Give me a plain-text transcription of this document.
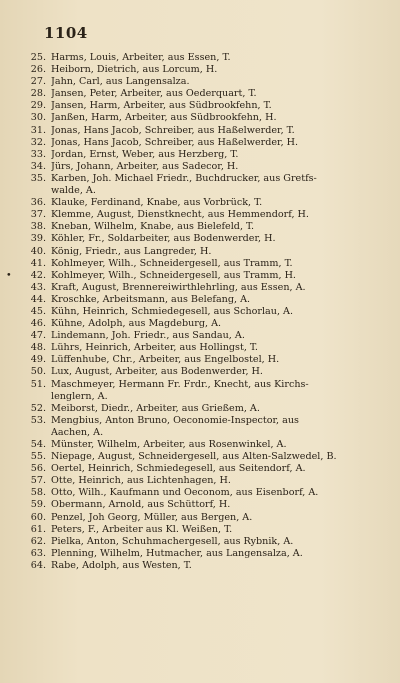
1104
25. Harms, Louis, Arbeiter, aus Essen, T.
26. Heiborn, Dietrich, aus Lorcum, H.
27. Jahn, Carl, aus Langensalza.
28. Jansen, Peter, Arbeiter, aus Oederquart, T.
29. Jansen, Harm, Arbeiter, aus Südbrookfehn, T.
30. Janßen, Harm, Arbeiter, aus Südbrookfehn, H.
31. Jonas, Hans Jacob, Schreiber, aus Haßelwerder, T.
32. Jonas, Hans Jacob, Schreiber, aus Haßelwerder, H.
33. Jordan, Ernst, Weber, aus Herzberg, T.
34. Jürs, Johann, Arbeiter, aus Sadecor, H.
35. Karben, Joh. Michael Friedr., Buchdrucker, aus Gretfs-
walde, A.
36. Klauke, Ferdinand, Knabe, aus Vorbrück, T.
37. Klemme, August, Dienstknecht, aus Hemmendorf, H.
38. Kneban, Wilhelm, Knabe, aus Bielefeld, T.
39. Köhler, Fr., Soldarbeiter, aus Bodenwerder, H.
40. König, Friedr., aus Langreder, H.
41. Kohlmeyer, Wilh., Schneidergesell, aus Tramm, T.
42.
•	Kohlmeyer, Wilh., Schneidergesell, aus Tramm, H.
43. Kraft, August, Brennereiwirthlehrling, aus Essen, A.
44. Kroschke, Arbeitsmann, aus Belefang, A.
45. Kühn, Heinrich, Schmiedegesell, aus Schorlau, A.
46. Kühne, Adolph, aus Magdeburg, A.
47. Lindemann, Joh. Friedr., aus Sandau, A.
48. Lührs, Heinrich, Arbeiter, aus Hollingst, T.
49. Lüffenhube, Chr., Arbeiter, aus Engelbostel, H.
50. Lux, August, Arbeiter, aus Bodenwerder, H.
51. Maschmeyer, Hermann Fr. Frdr., Knecht, aus Kirchs-
lenglern, A.
52. Meiborst, Diedr., Arbeiter, aus Grießem, A.
53. Mengbius, Anton Bruno, Oeconomie-Inspector, aus
Aachen, A.
54. Münster, Wilhelm, Arbeiter, aus Rosenwinkel, A.
55. Niepage, August, Schneidergesell, aus Alten-Salzwedel, B.
56. Oertel, Heinrich, Schmiedegesell, aus Seitendorf, A.
57. Otte, Heinrich, aus Lichtenhagen, H.
58. Otto, Wilh., Kaufmann und Oeconom, aus Eisenborf, A.
59. Obermann, Arnold, aus Schüttorf, H.
60. Penzel, Joh Georg, Müller, aus Bergen, A.
61. Peters, F., Arbeiter aus Kl. Weißen, T.
62. Pielka, Anton, Schuhmachergesell, aus Rybnik, A.
63. Plenning, Wilhelm, Hutmacher, aus Langensalza, A.
64. Rabe, Adolph, aus Westen, T.
